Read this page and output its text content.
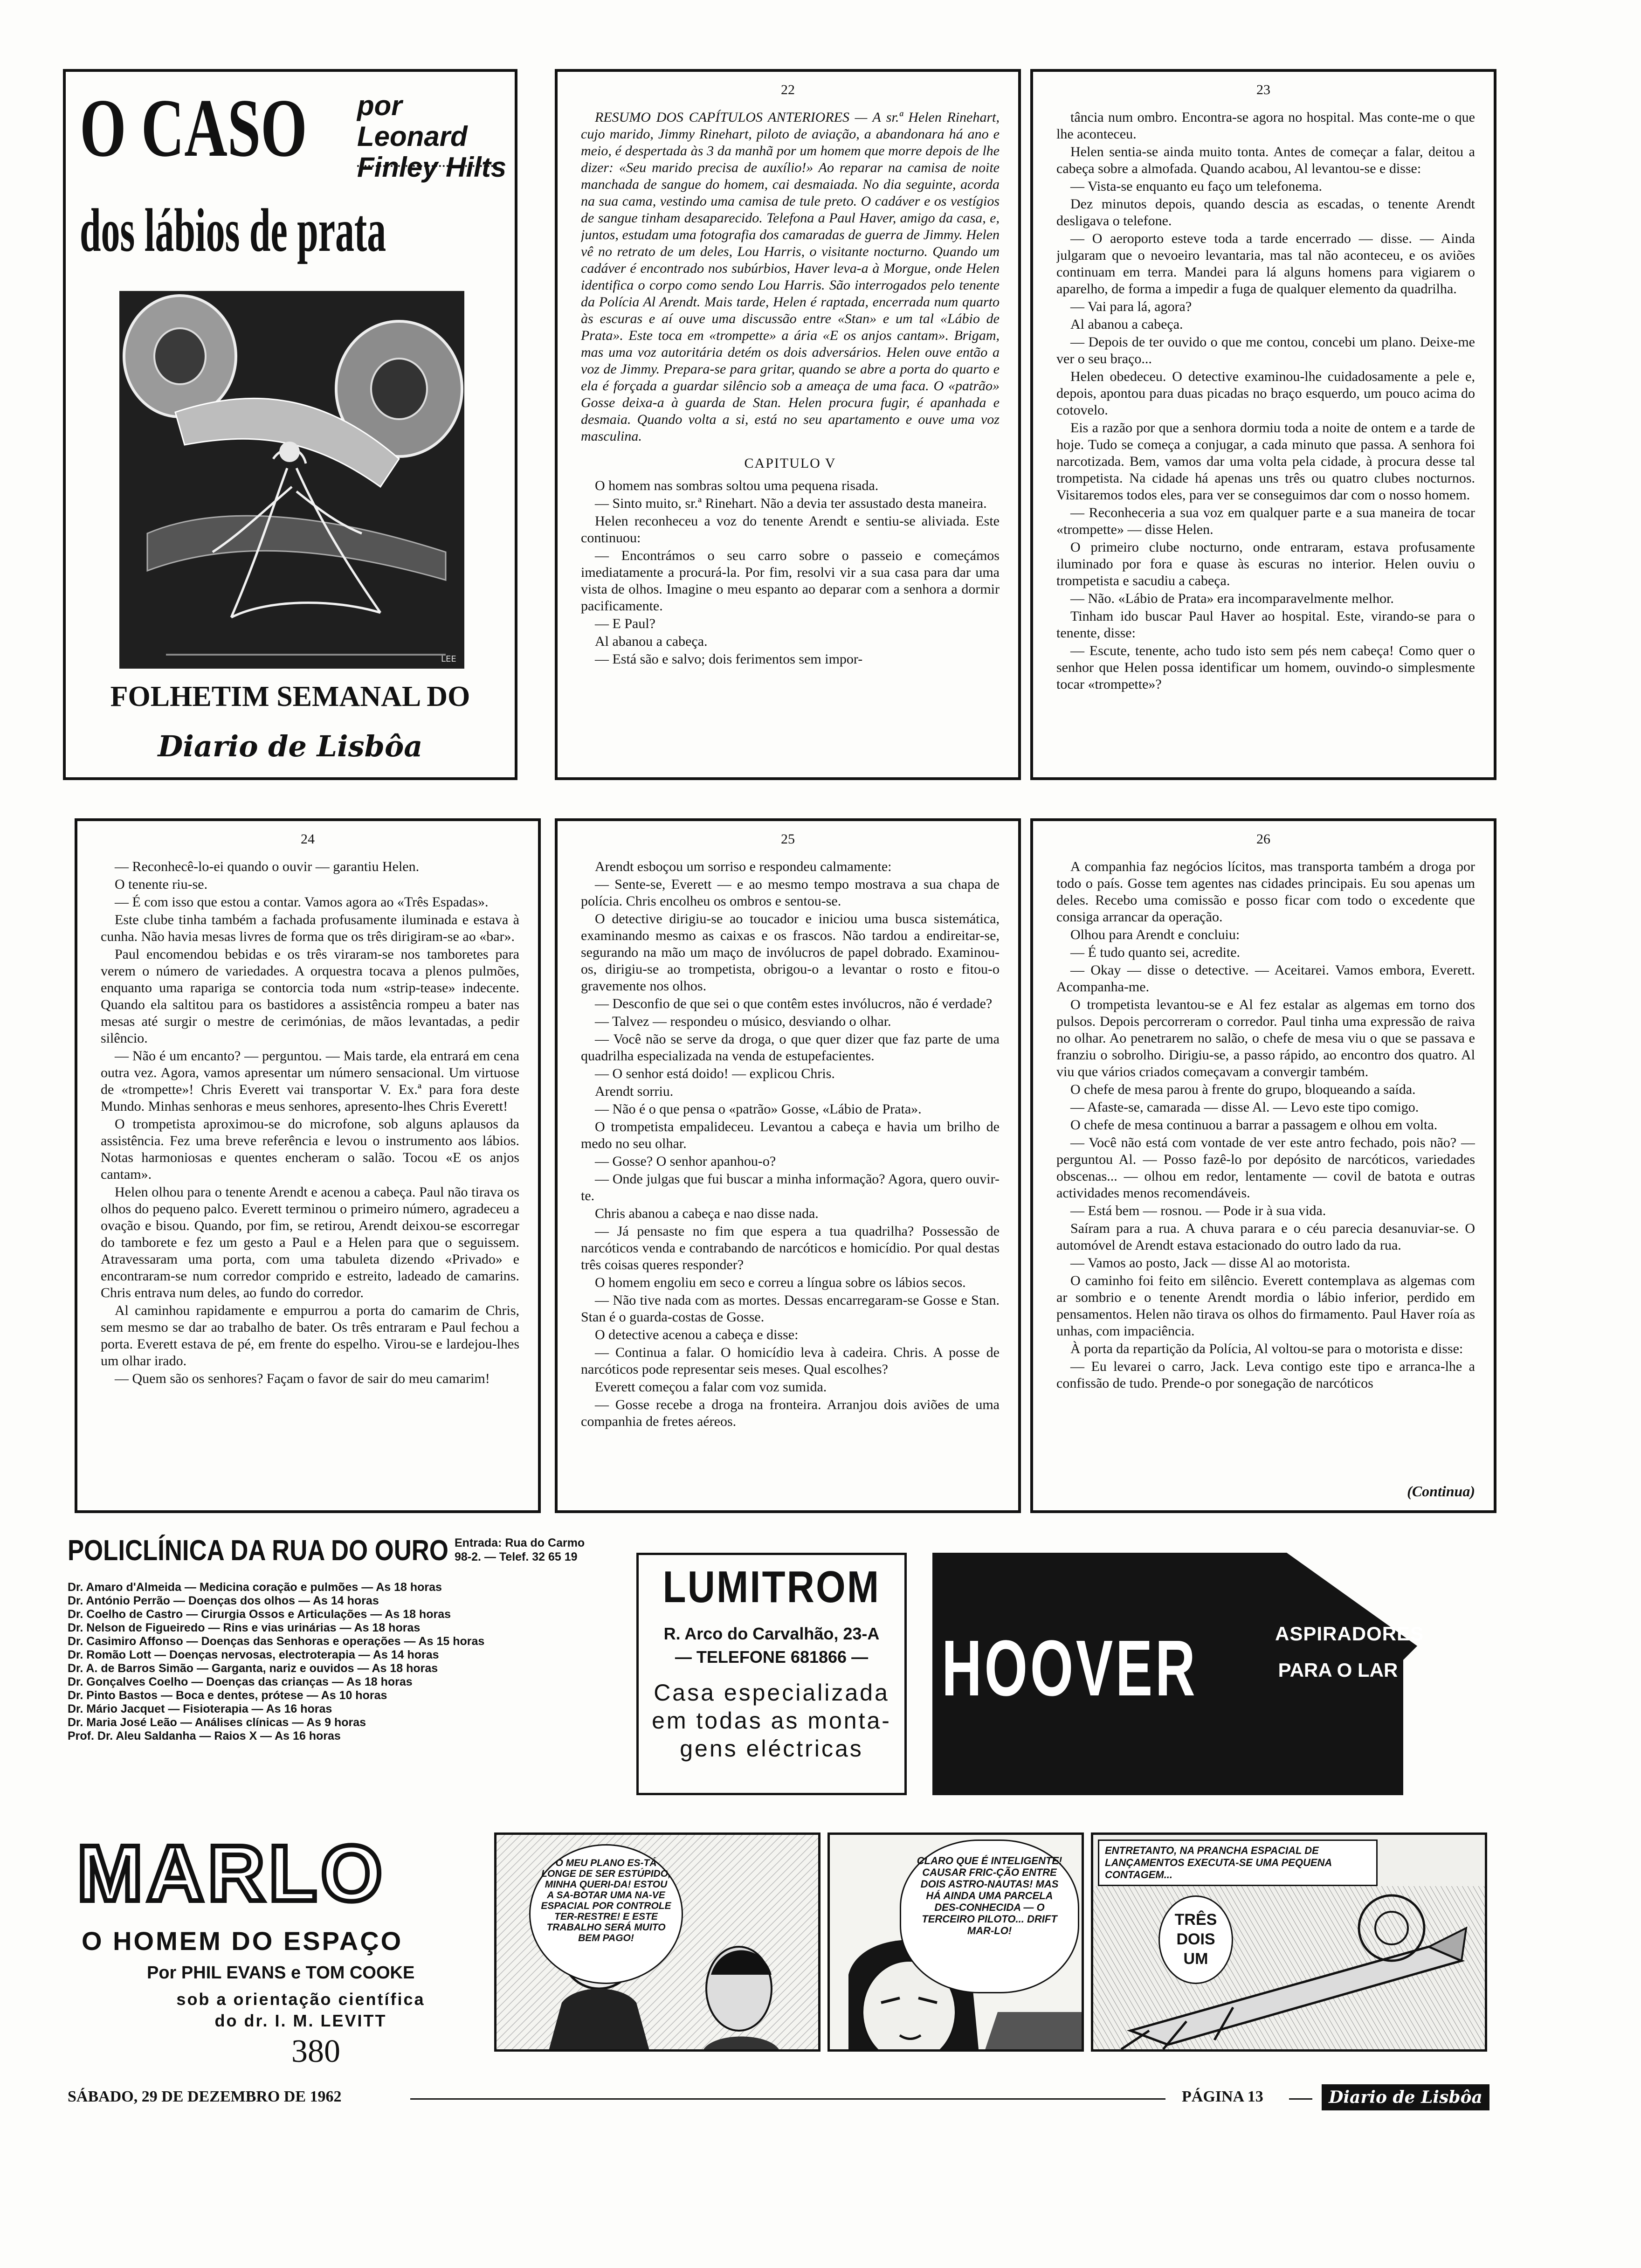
O CASO por Leonard
Finley Hilts
dos lábios de prata
LEE
FOLHETIM SEMANAL DO
Diario de Lisbôa
22

RESUMO DOS CAPÍTULOS ANTERIORES — A sr.ª Helen Rinehart, cujo marido, Jimmy Rinehart, piloto de aviação, a abandonara há ano e meio, é despertada às 3 da manhã por um homem que morre depois de lhe dizer: «Seu marido precisa de auxílio!» Ao reparar na camisa de noite manchada de sangue do homem, cai desmaiada. No dia seguinte, acorda na sua cama, vestindo uma camisa de tule preto. O cadáver e os vestígios de sangue tinham desaparecido. Telefona a Paul Haver, amigo da casa, e, juntos, estudam uma fotografia dos camaradas de guerra de Jimmy. Helen vê no retrato de um deles, Lou Harris, o visitante nocturno. Quando um cadáver é encontrado nos subúrbios, Haver leva-a à Morgue, onde Helen identifica o corpo como sendo Lou Harris. São interrogados pelo tenente da Polícia Al Arendt. Mais tarde, Helen é raptada, encerrada num quarto às escuras e aí ouve uma discussão entre «Stan» e um tal «Lábio de Prata». Este toca em «trompette» a ária «E os anjos cantam». Brigam, mas uma voz autoritária detém os dois adversários. Helen ouve então a voz de Jimmy. Prepara-se para gritar, quando se abre a porta do quarto e ela é forçada a guardar silêncio sob a ameaça de uma faca. O «patrão» Gosse deixa-a à guarda de Stan. Helen procura fugir, é apanhada e desmaia. Quando volta a si, está no seu apartamento e ouve uma voz masculina.

CAPITULO V

O homem nas sombras soltou uma pequena risada.

— Sinto muito, sr.ª Rinehart. Não a devia ter assustado desta maneira.

Helen reconheceu a voz do tenente Arendt e sentiu-se aliviada. Este continuou:

— Encontrámos o seu carro sobre o passeio e começámos imediatamente a procurá-la. Por fim, resolvi vir a sua casa para dar uma vista de olhos. Imagine o meu espanto ao deparar com a senhora a dormir pacificamente.

— E Paul?

Al abanou a cabeça.

— Está são e salvo; dois ferimentos sem impor-

23

tância num ombro. Encontra-se agora no hospital. Mas conte-me o que lhe aconteceu.

Helen sentia-se ainda muito tonta. Antes de começar a falar, deitou a cabeça sobre a almofada. Quando acabou, Al levantou-se e disse:

— Vista-se enquanto eu faço um telefonema.

Dez minutos depois, quando descia as escadas, o tenente Arendt desligava o telefone.

— O aeroporto esteve toda a tarde encerrado — disse. — Ainda julgaram que o nevoeiro levantaria, mas tal não aconteceu, e os aviões continuam em terra. Mandei para lá alguns homens para vigiarem o aparelho, de forma a impedir a fuga de qualquer elemento da quadrilha.

— Vai para lá, agora?

Al abanou a cabeça.

— Depois de ter ouvido o que me contou, concebi um plano. Deixe-me ver o seu braço...

Helen obedeceu. O detective examinou-lhe cuidadosamente a pele e, depois, apontou para duas picadas no braço esquerdo, um pouco acima do cotovelo.

Eis a razão por que a senhora dormiu toda a noite de ontem e a tarde de hoje. Tudo se começa a conjugar, a cada minuto que passa. A senhora foi narcotizada. Bem, vamos dar uma volta pela cidade, à procura desse tal trompetista. Na cidade há apenas uns três ou quatro clubes nocturnos. Visitaremos todos eles, para ver se conseguimos dar com o nosso homem.

— Reconheceria a sua voz em qualquer parte e a sua maneira de tocar «trompette» — disse Helen.

O primeiro clube nocturno, onde entraram, estava profusamente iluminado por fora e quase às escuras no interior. Helen ouviu o trompetista e sacudiu a cabeça.

— Não. «Lábio de Prata» era incomparavelmente melhor.

Tinham ido buscar Paul Haver ao hospital. Este, virando-se para o tenente, disse:

— Escute, tenente, acho tudo isto sem pés nem cabeça! Como quer o senhor que Helen possa identificar um homem, ouvindo-o simplesmente tocar «trompette»?

24

— Reconhecê-lo-ei quando o ouvir — garantiu Helen.

O tenente riu-se.

— É com isso que estou a contar. Vamos agora ao «Três Espadas».

Este clube tinha também a fachada profusamente iluminada e estava à cunha. Não havia mesas livres de forma que os três dirigiram-se ao «bar».

Paul encomendou bebidas e os três viraram-se nos tamboretes para verem o número de variedades. A orquestra tocava a plenos pulmões, enquanto uma rapariga se contorcia toda num «strip-tease» indecente. Quando ela saltitou para os bastidores a assistência rompeu a bater nas mesas até surgir o mestre de cerimónias, de mãos levantadas, a pedir silêncio.

— Não é um encanto? — perguntou. — Mais tarde, ela entrará em cena outra vez. Agora, vamos apresentar um número sensacional. Um virtuose de «trompette»! Chris Everett vai transportar V. Ex.ª para fora deste Mundo. Minhas senhoras e meus senhores, apresento-lhes Chris Everett!

O trompetista aproximou-se do microfone, sob alguns aplausos da assistência. Fez uma breve referência e levou o instrumento aos lábios. Notas harmoniosas e quentes encheram o salão. Tocou «E os anjos cantam».

Helen olhou para o tenente Arendt e acenou a cabeça. Paul não tirava os olhos do pequeno palco. Everett terminou o primeiro número, agradeceu a ovação e bisou. Quando, por fim, se retirou, Arendt deixou-se escorregar do tamborete e fez um gesto a Paul e a Helen para que o seguissem. Atravessaram uma porta, com uma tabuleta dizendo «Privado» e encontraram-se num corredor comprido e estreito, ladeado de camarins. Chris entrava num deles, ao fundo do corredor.

Al caminhou rapidamente e empurrou a porta do camarim de Chris, sem mesmo se dar ao trabalho de bater. Os três entraram e Paul fechou a porta. Everett estava de pé, em frente do espelho. Virou-se e lardejou-lhes um olhar irado.

— Quem são os senhores? Façam o favor de sair do meu camarim!

25

Arendt esboçou um sorriso e respondeu calmamente:

— Sente-se, Everett — e ao mesmo tempo mostrava a sua chapa de polícia. Chris encolheu os ombros e sentou-se.

O detective dirigiu-se ao toucador e iniciou uma busca sistemática, examinando mesmo as caixas e os frascos. Não tardou a endireitar-se, segurando na mão um maço de invólucros de papel dobrado. Examinou-os, dirigiu-se ao trompetista, obrigou-o a levantar o rosto e fitou-o gravemente nos olhos.

— Desconfio de que sei o que contêm estes invólucros, não é verdade?

— Talvez — respondeu o músico, desviando o olhar.

— Você não se serve da droga, o que quer dizer que faz parte de uma quadrilha especializada na venda de estupefacientes.

— O senhor está doido! — explicou Chris.

Arendt sorriu.

— Não é o que pensa o «patrão» Gosse, «Lábio de Prata».

O trompetista empalideceu. Levantou a cabeça e havia um brilho de medo no seu olhar.

— Gosse? O senhor apanhou-o?

— Onde julgas que fui buscar a minha informação? Agora, quero ouvir-te.

Chris abanou a cabeça e nao disse nada.

— Já pensaste no fim que espera a tua quadrilha? Possessão de narcóticos venda e contrabando de narcóticos e homicídio. Por qual destas três coisas queres responder?

O homem engoliu em seco e correu a língua sobre os lábios secos.

— Não tive nada com as mortes. Dessas encarregaram-se Gosse e Stan. Stan é o guarda-costas de Gosse.

O detective acenou a cabeça e disse:

— Continua a falar. O homicídio leva à cadeira. Chris. A posse de narcóticos pode representar seis meses. Qual escolhes?

Everett começou a falar com voz sumida.

— Gosse recebe a droga na fronteira. Arranjou dois aviões de uma companhia de fretes aéreos.

26

A companhia faz negócios lícitos, mas transporta também a droga por todo o país. Gosse tem agentes nas cidades principais. Eu sou apenas um deles. Recebo uma comissão e posso ficar com todo o excedente que consiga arrancar da operação.

Olhou para Arendt e concluiu:

— É tudo quanto sei, acredite.

— Okay — disse o detective. — Aceitarei. Vamos embora, Everett. Acompanha-me.

O trompetista levantou-se e Al fez estalar as algemas em torno dos pulsos. Depois percorreram o corredor. Paul tinha uma expressão de raiva no olhar. Ao penetrarem no salão, o chefe de mesa viu o que se passava e franziu o sobrolho. Dirigiu-se, a passo rápido, ao encontro dos quatro. Al viu que vários criados começavam a convergir também.

O chefe de mesa parou à frente do grupo, bloqueando a saída.

— Afaste-se, camarada — disse Al. — Levo este tipo comigo.

O chefe de mesa continuou a barrar a passagem e olhou em volta.

— Você não está com vontade de ver este antro fechado, pois não? — perguntou Al. — Posso fazê-lo por depósito de narcóticos, variedades obscenas... — olhou em redor, lentamente — covil de batota e outras actividades menos recomendáveis.

— Está bem — rosnou. — Pode ir à sua vida.

Saíram para a rua. A chuva parara e o céu parecia desanuviar-se. O automóvel de Arendt estava estacionado do outro lado da rua.

— Vamos ao posto, Jack — disse Al ao motorista.

O caminho foi feito em silêncio. Everett contemplava as algemas com ar sombrio e o tenente Arendt mordia o lábio inferior, perdido em pensamentos. Helen não tirava os olhos do firmamento. Paul Haver roía as unhas, com impaciência.

À porta da repartição da Polícia, Al voltou-se para o motorista e disse:

— Eu levarei o carro, Jack. Leva contigo este tipo e arranca-lhe a confissão de tudo. Prende-o por sonegação de narcóticos

(Continua)
POLICLÍNICA DA RUA DO OURO Entrada: Rua do Carmo
98-2. — Telef. 32 65 19
Dr. Amaro d'Almeida — Medicina coração e pulmões — As 18 horas
Dr. António Perrão — Doenças dos olhos — As 14 horas
Dr. Coelho de Castro — Cirurgia Ossos e Articulações — As 18 horas
Dr. Nelson de Figueiredo — Rins e vias urinárias — As 18 horas
Dr. Casimiro Affonso — Doenças das Senhoras e operações — As 15 horas
Dr. Romão Lott — Doenças nervosas, electroterapia — As 14 horas
Dr. A. de Barros Simão — Garganta, nariz e ouvidos — As 18 horas
Dr. Gonçalves Coelho — Doenças das crianças — As 18 horas
Dr. Pinto Bastos — Boca e dentes, prótese — As 10 horas
Dr. Mário Jacquet — Fisioterapia — As 16 horas
Dr. Maria José Leão — Análises clínicas — As 9 horas
Prof. Dr. Aleu Saldanha — Raios X — As 16 horas
LUMITROM
R. Arco do Carvalhão, 23-A
— TELEFONE 681866 —
Casa especializada
em todas as monta-
gens eléctricas
HOOVER	ASPIRADORES
PARA O LAR
MARLO
O HOMEM DO ESPAÇO
Por PHIL EVANS e TOM COOKE
sob a orientação científica
do dr. I. M. LEVITT
380
O MEU PLANO ES-TÁ LONGE DE SER ESTÚPIDO, MINHA QUERI-DA! ESTOU A SA-BOTAR UMA NA-VE ESPACIAL POR CONTROLE TER-RESTRE! E ESTE TRABALHO SERÁ MUITO BEM PAGO!
CLARO QUE É INTELIGENTE! CAUSAR FRIC-ÇÃO ENTRE DOIS ASTRO-NAUTAS! MAS HÁ AINDA UMA PARCELA DES-CONHECIDA — O TERCEIRO PILOTO... DRIFT MAR-LO!
ENTRETANTO, NA PRANCHA ESPACIAL DE LANÇAMENTOS EXECUTA-SE UMA PEQUENA CONTAGEM...
TRÊS
DOIS
UM
SÁBADO, 29 DE DEZEMBRO DE 1962	PÁGINA 13	Diario de Lisbôa
